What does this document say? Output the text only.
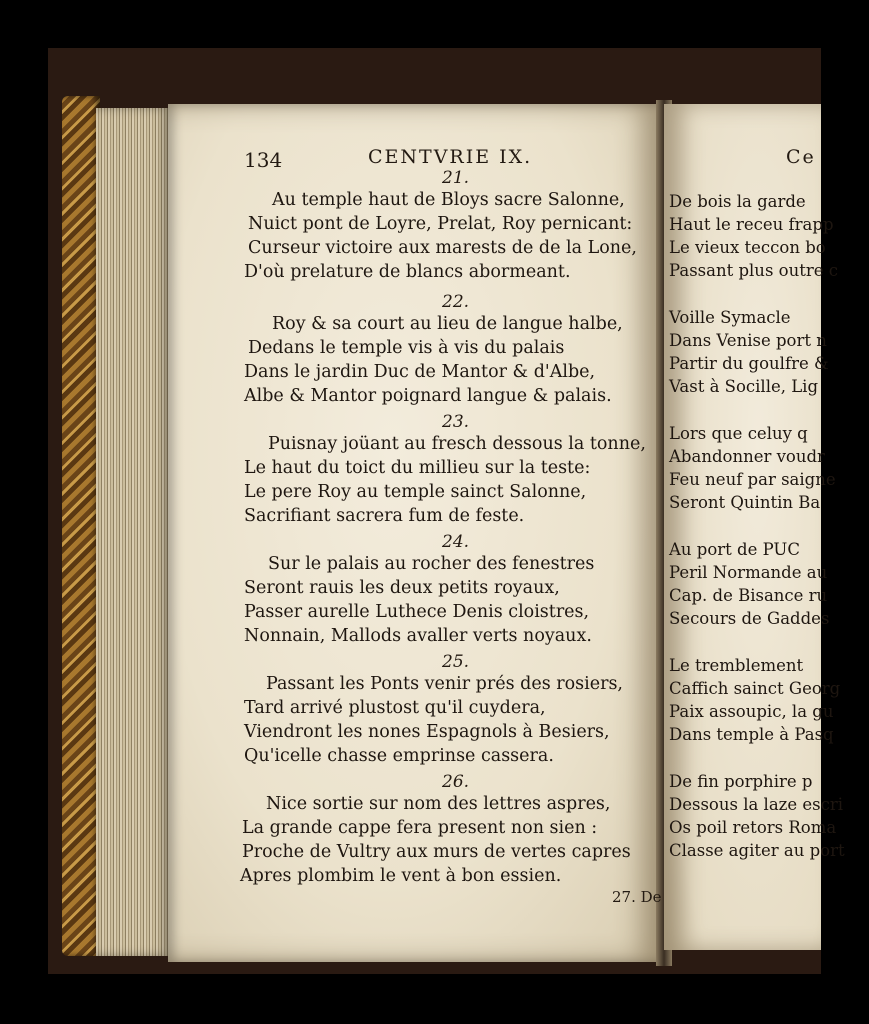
134	CENTVRIE IX.	Ce
21.
Au temple haut de Bloys sacre Salonne,
Nuict pont de Loyre, Prelat, Roy pernicant:
Curseur victoire aux marests de de la Lone,
D'où prelature de blancs abormeant.
22.
Roy & sa court au lieu de langue halbe,
Dedans le temple vis à vis du palais
Dans le jardin Duc de Mantor & d'Albe,
Albe & Mantor poignard langue & palais.
23.
Puisnay joüant au fresch dessous la tonne,
Le haut du toict du millieu sur la teste:
Le pere Roy au temple sainct Salonne,
Sacrifiant sacrera fum de feste.
24.
Sur le palais au rocher des fenestres
Seront rauis les deux petits royaux,
Passer aurelle Luthece Denis cloistres,
Nonnain, Mallods avaller verts noyaux.
25.
Passant les Ponts venir prés des rosiers,
Tard arrivé plustost qu'il cuydera,
Viendront les nones Espagnols à Besiers,
Qu'icelle chasse emprinse cassera.
26.
Nice sortie sur nom des lettres aspres,
La grande cappe fera present non sien :
Proche de Vultry aux murs de vertes capres
Apres plombim le vent à bon essien.
27. De
De bois la garde
Haut le receu frapp
Le vieux teccon bo
Passant plus outre c
Voille Symacle
Dans Venise port n
Partir du goulfre &
Vast à Socille, Lig
Lors que celuy q
Abandonner voudr
Feu neuf par saigne
Seront Quintin Ba
Au port de PUC
Peril Normande au
Cap. de Bisance ru
Secours de Gaddes
Le tremblement
Caffich sainct Georg
Paix assoupic, la gu
Dans temple à Pasq
De fin porphire p
Dessous la laze escri
Os poil retors Roma
Classe agiter au port
